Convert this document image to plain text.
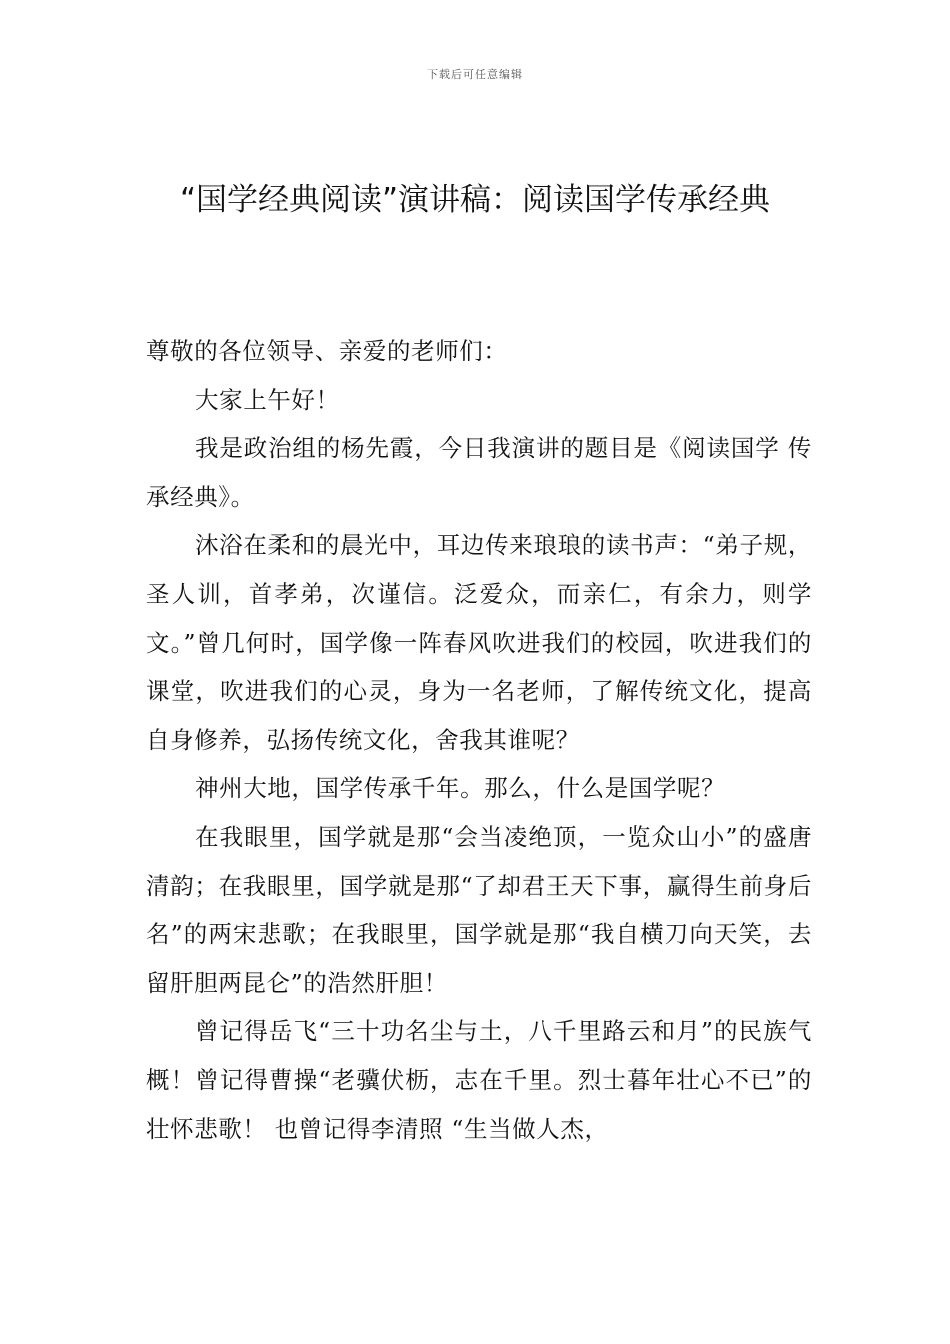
下载后可任意编辑
“国学经典阅读”演讲稿：阅读国学传承经典

尊敬的各位领导、亲爱的老师们：

大家上午好！

我是政治组的杨先霞，今日我演讲的题目是《阅读国学 传承经典》。

沐浴在柔和的晨光中，耳边传来琅琅的读书声：“弟子规，圣人训，首孝弟，次谨信。泛爱众，而亲仁，有余力，则学文。”曾几何时，国学像一阵春风吹进我们的校园，吹进我们的课堂，吹进我们的心灵，身为一名老师，了解传统文化，提高自身修养，弘扬传统文化，舍我其谁呢？

神州大地，国学传承千年。那么，什么是国学呢？

在我眼里，国学就是那“会当凌绝顶，一览众山小”的盛唐清韵；在我眼里，国学就是那“了却君王天下事，赢得生前身后名”的两宋悲歌；在我眼里，国学就是那“我自横刀向天笑，去留肝胆两昆仑”的浩然肝胆！

曾记得岳飞“三十功名尘与土，八千里路云和月”的民族气概！曾记得曹操“老骥伏枥，志在千里。烈士暮年壮心不已”的壮怀悲歌！ 也曾记得李清照 “生当做人杰，
